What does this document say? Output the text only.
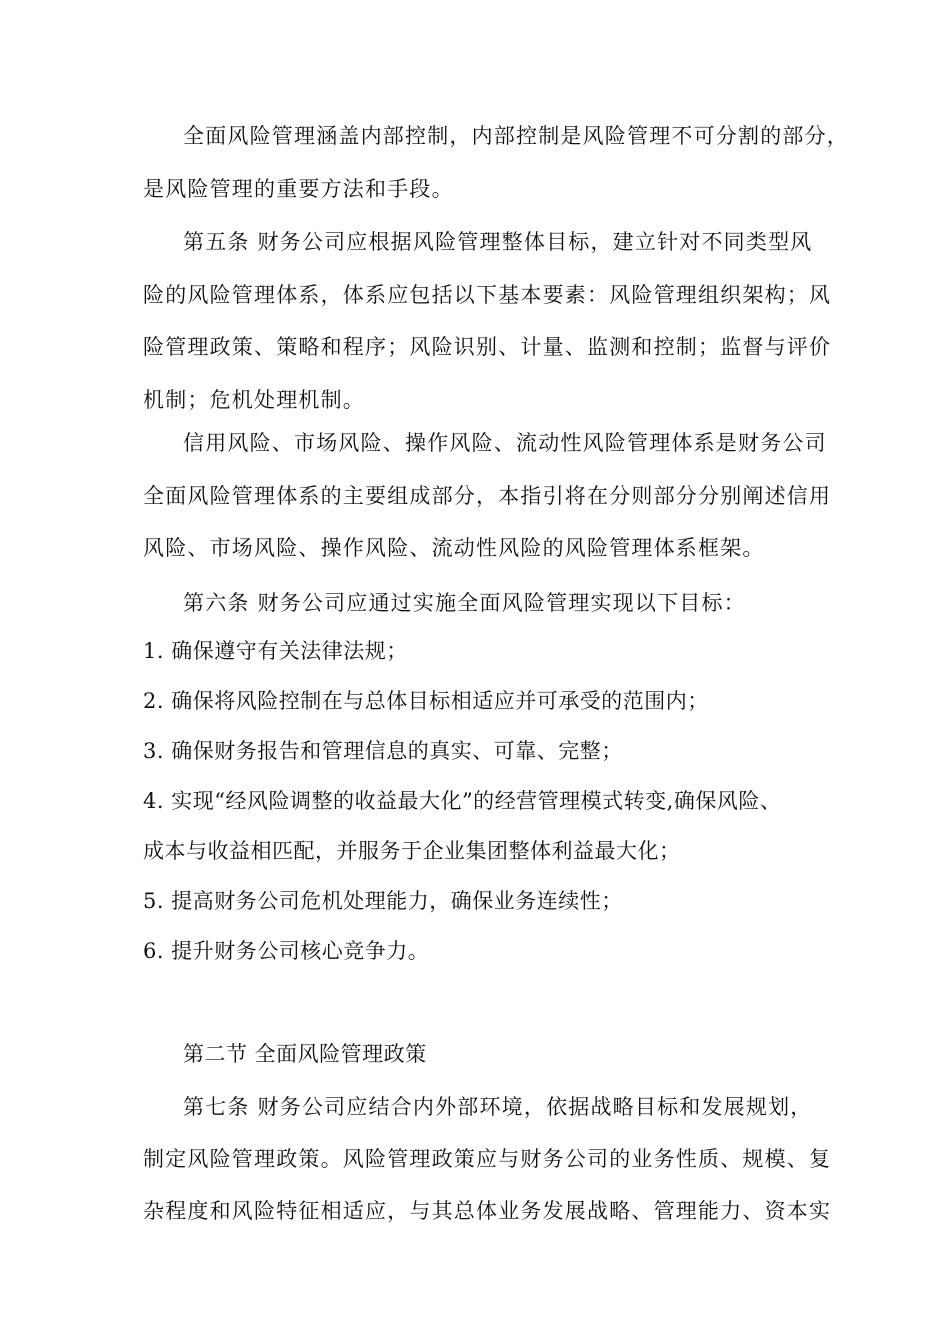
全面风险管理涵盖内部控制，内部控制是风险管理不可分割的部分，
是风险管理的重要方法和手段。
第五条 财务公司应根据风险管理整体目标，建立针对不同类型风
险的风险管理体系，体系应包括以下基本要素：风险管理组织架构；风
险管理政策、策略和程序；风险识别、计量、监测和控制；监督与评价
机制；危机处理机制。
信用风险、市场风险、操作风险、流动性风险管理体系是财务公司
全面风险管理体系的主要组成部分，本指引将在分则部分分别阐述信用
风险、市场风险、操作风险、流动性风险的风险管理体系框架。
第六条 财务公司应通过实施全面风险管理实现以下目标：
1. 确保遵守有关法律法规；
2. 确保将风险控制在与总体目标相适应并可承受的范围内；
3. 确保财务报告和管理信息的真实、可靠、完整；
4. 实现“经风险调整的收益最大化”的经营管理模式转变,确保风险、
成本与收益相匹配，并服务于企业集团整体利益最大化；
5. 提高财务公司危机处理能力，确保业务连续性；
6. 提升财务公司核心竞争力。
第二节 全面风险管理政策
第七条 财务公司应结合内外部环境，依据战略目标和发展规划，
制定风险管理政策。风险管理政策应与财务公司的业务性质、规模、复
杂程度和风险特征相适应，与其总体业务发展战略、管理能力、资本实
